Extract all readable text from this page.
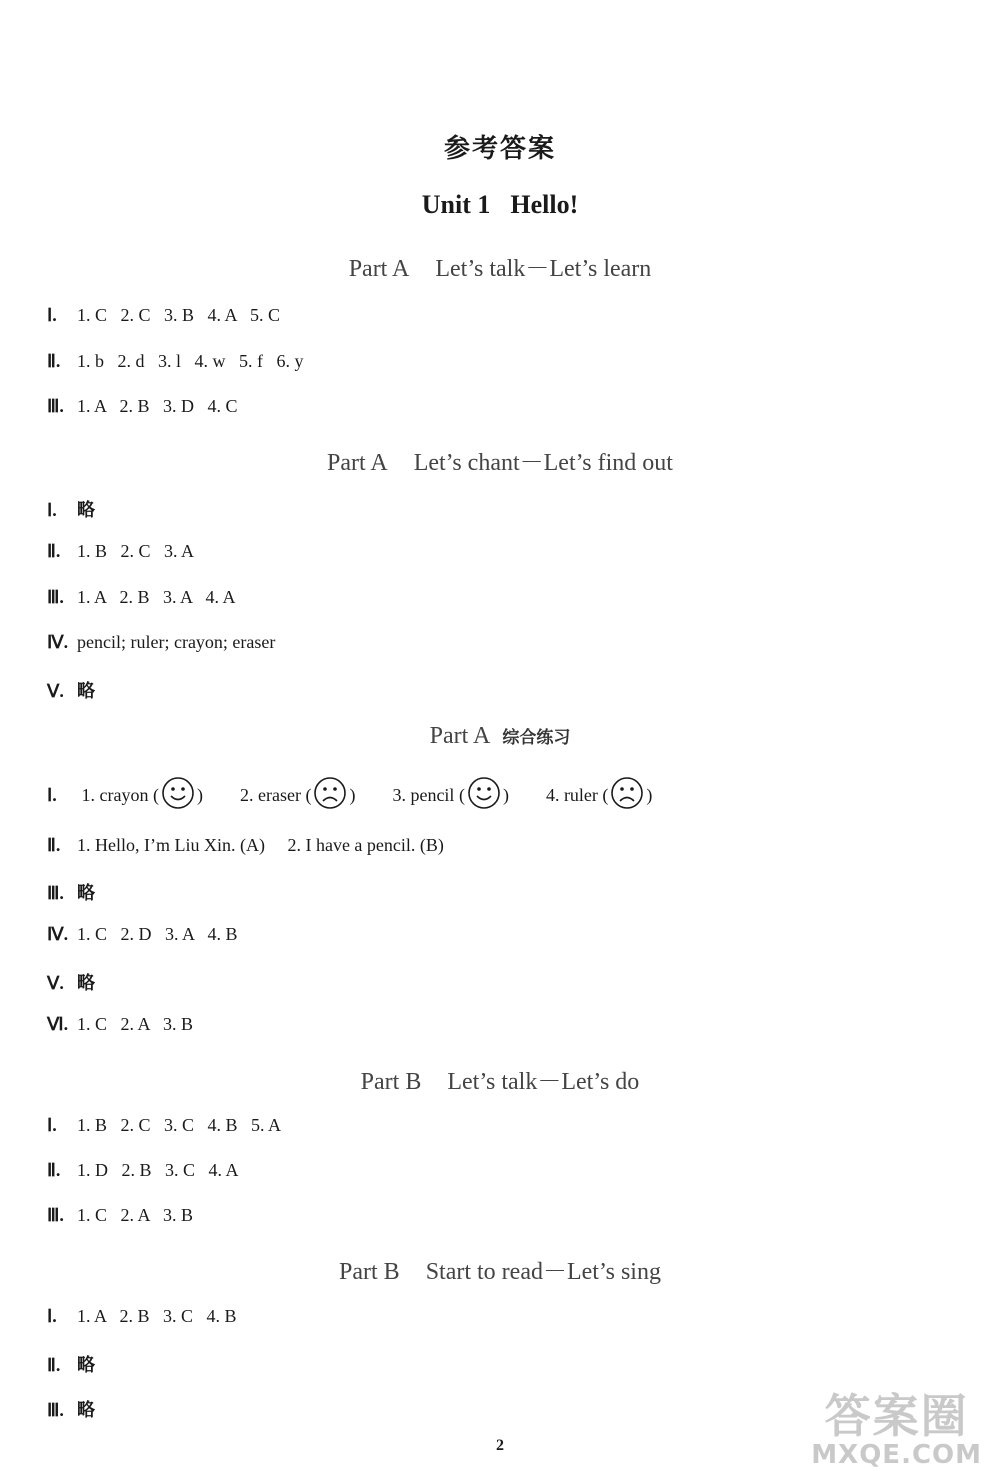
参考答案
Unit 1 Hello!
Part A Let’s talk－Let’s learn
Ⅰ. 1. C   2. C   3. B   4. A   5. C
Ⅱ. 1. b   2. d   3. l   4. w   5. f   6. y
Ⅲ. 1. A   2. B   3. D   4. C
Part A Let’s chant－Let’s find out
Ⅰ. 略
Ⅱ. 1. B   2. C   3. A
Ⅲ. 1. A   2. B   3. A   4. A
Ⅳ. pencil; ruler; crayon; eraser
Ⅴ. 略
Part A 综合练习
Ⅰ. 1. crayon ( ) 2. eraser ( ) 3. pencil ( ) 4. ruler ( )
Ⅱ. 1. Hello, I’m Liu Xin. (A)     2. I have a pencil. (B)
Ⅲ. 略
Ⅳ. 1. C   2. D   3. A   4. B
Ⅴ. 略
Ⅵ. 1. C   2. A   3. B
Part B Let’s talk－Let’s do
Ⅰ. 1. B   2. C   3. C   4. B   5. A
Ⅱ. 1. D   2. B   3. C   4. A
Ⅲ. 1. C   2. A   3. B
Part B Start to read－Let’s sing
Ⅰ. 1. A   2. B   3. C   4. B
Ⅱ. 略
Ⅲ. 略
2
答案圈
MXQE.COM
